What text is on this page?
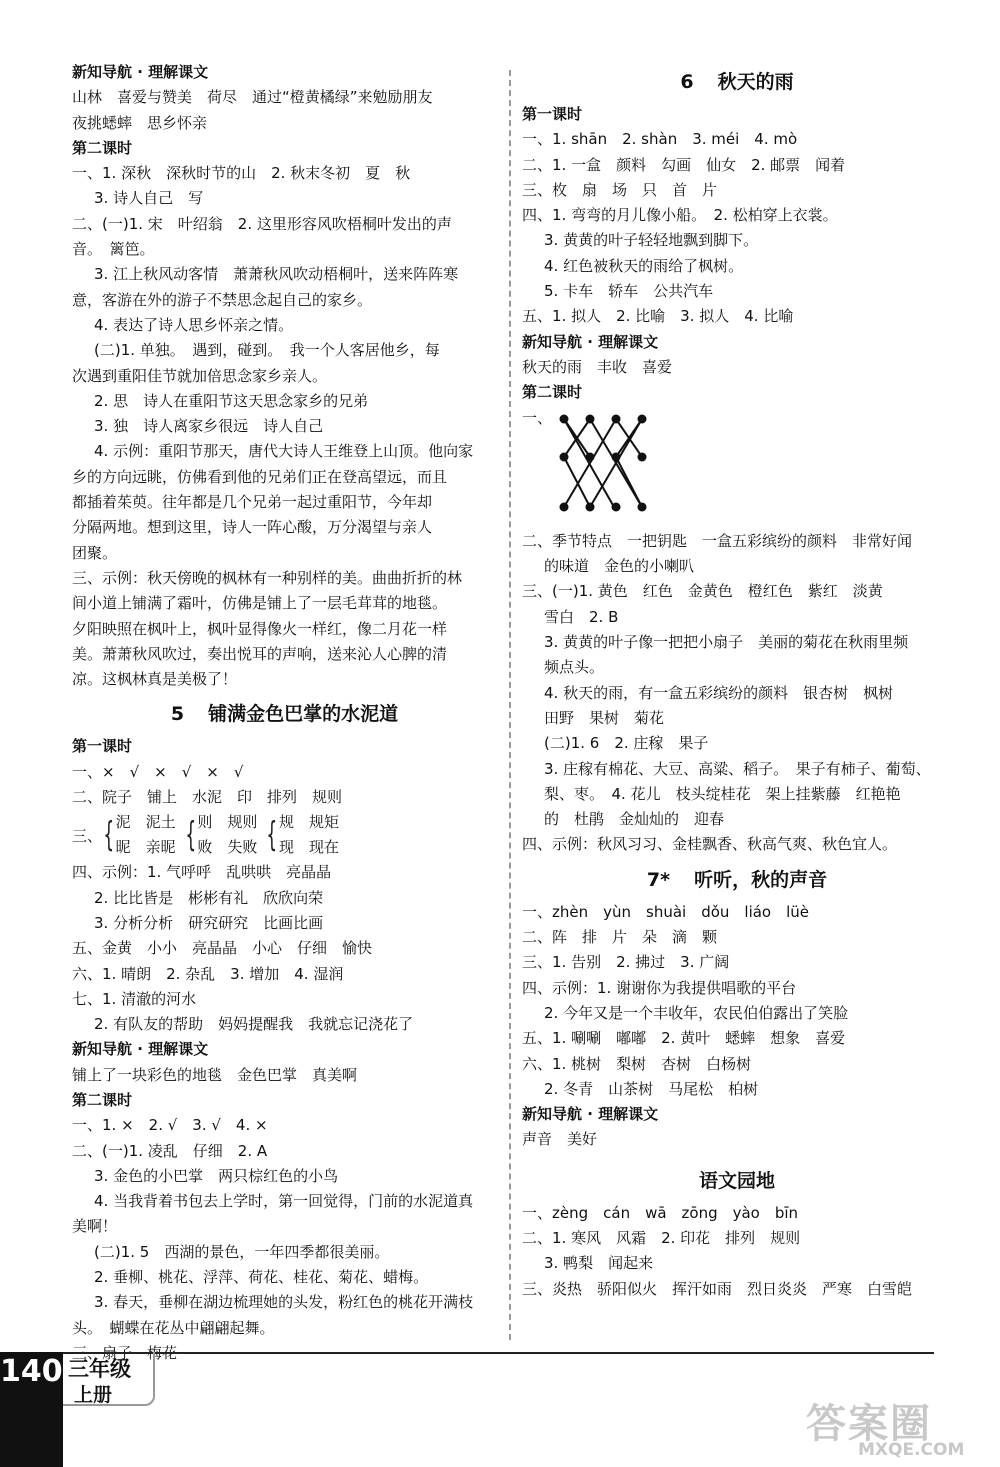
新知导航 · 理解课文
山林　喜爱与赞美　荷尽　通过“橙黄橘绿”来勉励朋友
夜挑蟋蟀　思乡怀亲
第二课时
一、1. 深秋　深秋时节的山　2. 秋末冬初　夏　秋
3. 诗人自己　写
二、(一)1. 宋　叶绍翁　2. 这里形容风吹梧桐叶发出的声
音。　篱笆。
3. 江上秋风动客情　萧萧秋风吹动梧桐叶，送来阵阵寒
意，客游在外的游子不禁思念起自己的家乡。
4. 表达了诗人思乡怀亲之情。
(二)1. 单独。　遇到，碰到。　我一个人客居他乡，每
次遇到重阳佳节就加倍思念家乡亲人。
2. 思　诗人在重阳节这天思念家乡的兄弟
3. 独　诗人离家乡很远　诗人自己
4. 示例：重阳节那天，唐代大诗人王维登上山顶。他向家
乡的方向远眺，仿佛看到他的兄弟们正在登高望远，而且
都插着茱萸。往年都是几个兄弟一起过重阳节，今年却
分隔两地。想到这里，诗人一阵心酸，万分渴望与亲人
团聚。
三、示例：秋天傍晚的枫林有一种别样的美。曲曲折折的林
间小道上铺满了霜叶，仿佛是铺上了一层毛茸茸的地毯。
夕阳映照在枫叶上，枫叶显得像火一样红，像二月花一样
美。萧萧秋风吹过，奏出悦耳的声响，送来沁人心脾的清
凉。这枫林真是美极了！
5 铺满金色巴掌的水泥道
第一课时
一、×　√　×　√　×　√
二、院子　铺上　水泥　印　排列　规则
三、 { 泥　泥土
昵　亲昵 { 则　规则
败　失败 { 规　规矩
现　现在
四、示例：1. 气呼呼　乱哄哄　亮晶晶
2. 比比皆是　彬彬有礼　欣欣向荣
3. 分析分析　研究研究　比画比画
五、金黄　小小　亮晶晶　小心　仔细　愉快
六、1. 晴朗　2. 杂乱　3. 增加　4. 湿润
七、1. 清澈的河水
2. 有队友的帮助　妈妈提醒我　我就忘记浇花了
新知导航 · 理解课文
铺上了一块彩色的地毯　金色巴掌　真美啊
第二课时
一、1. ×　2. √　3. √　4. ×
二、(一)1. 凌乱　仔细　2. A
3. 金色的小巴掌　两只棕红色的小鸟
4. 当我背着书包去上学时，第一回觉得，门前的水泥道真
美啊！
(二)1. 5　西湖的景色，一年四季都很美丽。
2. 垂柳、桃花、浮萍、荷花、桂花、菊花、蜡梅。
3. 春天，垂柳在湖边梳理她的头发，粉红色的桃花开满枝
头。　蝴蝶在花丛中翩翩起舞。
三、扇子　梅花
6 秋天的雨
第一课时
一、1. shān　2. shàn　3. méi　4. mò
二、1. 一盒　颜料　勾画　仙女　2. 邮票　闻着
三、枚　扇　场　只　首　片
四、1. 弯弯的月儿像小船。　2. 松柏穿上衣裳。
3. 黄黄的叶子轻轻地飘到脚下。
4. 红色被秋天的雨给了枫树。
5. 卡车　轿车　公共汽车
五、1. 拟人　2. 比喻　3. 拟人　4. 比喻
新知导航 · 理解课文
秋天的雨　丰收　喜爱
第二课时
一、
二、季节特点　一把钥匙　一盒五彩缤纷的颜料　非常好闻
的味道　金色的小喇叭
三、(一)1. 黄色　红色　金黄色　橙红色　紫红　淡黄
雪白　2. B
3. 黄黄的叶子像一把把小扇子　美丽的菊花在秋雨里频
频点头。
4. 秋天的雨，有一盒五彩缤纷的颜料　银杏树　枫树
田野　果树　菊花
(二)1. 6　2. 庄稼　果子
3. 庄稼有棉花、大豆、高粱、稻子。　果子有柿子、葡萄、
梨、枣。　4. 花儿　枝头绽桂花　架上挂紫藤　红艳艳
的　杜鹃　金灿灿的　迎春
四、示例：秋风习习、金桂飘香、秋高气爽、秋色宜人。
7* 听听，秋的声音
一、zhèn　yùn　shuài　dǒu　liáo　lüè
二、阵　排　片　朵　滴　颗
三、1. 告别　2. 拂过　3. 广阔
四、示例：1. 谢谢你为我提供唱歌的平台
2. 今年又是一个丰收年，农民伯伯露出了笑脸
五、1. 唰唰　嘟嘟　2. 黄叶　蟋蟀　想象　喜爱
六、1. 桃树　梨树　杏树　白杨树
2. 冬青　山茶树　马尾松　柏树
新知导航 · 理解课文
声音　美好
语文园地
一、zèng　cán　wā　zōng　yào　bīn
二、1. 寒风　风霜　2. 印花　排列　规则
3. 鸭梨　闻起来
三、炎热　骄阳似火　挥汗如雨　烈日炎炎　严寒　白雪皑
140 三年级
上册
答案圈
MXQE.COM
